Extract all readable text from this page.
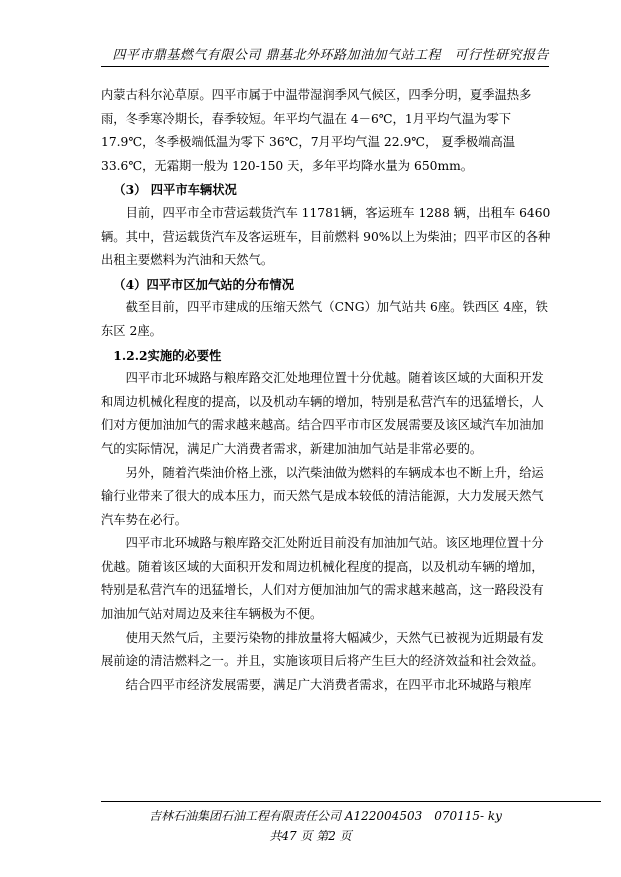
四平市鼎基燃气有限公司 鼎基北外环路加油加气站工程　可行性研究报告

内蒙古科尔沁草原。四平市属于中温带湿润季风气候区，四季分明，夏季温热多雨，冬季寒冷期长，春季较短。年平均气温在 4－6℃，1月平均气温为零下 17.9℃，冬季极端低温为零下 36℃，7月平均气温 22.9℃， 夏季极端高温 33.6℃，无霜期一般为 120-150 天，多年平均降水量为 650mm。

（3） 四平市车辆状况

目前，四平市全市营运载货汽车 11781辆，客运班车 1288 辆，出租车 6460 辆。其中，营运载货汽车及客运班车，目前燃料 90%以上为柴油；四平市区的各种出租主要燃料为汽油和天然气。

（4）四平市区加气站的分布情况

截至目前，四平市建成的压缩天然气（CNG）加气站共 6座。铁西区 4座，铁东区 2座。

1.2.2实施的必要性

四平市北环城路与粮库路交汇处地理位置十分优越。随着该区域的大面积开发和周边机械化程度的提高，以及机动车辆的增加，特别是私营汽车的迅猛增长，人们对方便加油加气的需求越来越高。结合四平市市区发展需要及该区域汽车加油加气的实际情况，满足广大消费者需求，新建加油加气站是非常必要的。

另外，随着汽柴油价格上涨，以汽柴油做为燃料的车辆成本也不断上升，给运输行业带来了很大的成本压力，而天然气是成本较低的清洁能源，大力发展天然气汽车势在必行。

四平市北环城路与粮库路交汇处附近目前没有加油加气站。该区地理位置十分优越。随着该区域的大面积开发和周边机械化程度的提高，以及机动车辆的增加，特别是私营汽车的迅猛增长，人们对方便加油加气的需求越来越高，这一路段没有加油加气站对周边及来往车辆极为不便。

使用天然气后，主要污染物的排放量将大幅减少，天然气已被视为近期最有发展前途的清洁燃料之一。并且，实施该项目后将产生巨大的经济效益和社会效益。

结合四平市经济发展需要，满足广大消费者需求，在四平市北环城路与粮库

吉林石油集团石油工程有限责任公司 A122004503　070115- ky
共47 页 第2 页
